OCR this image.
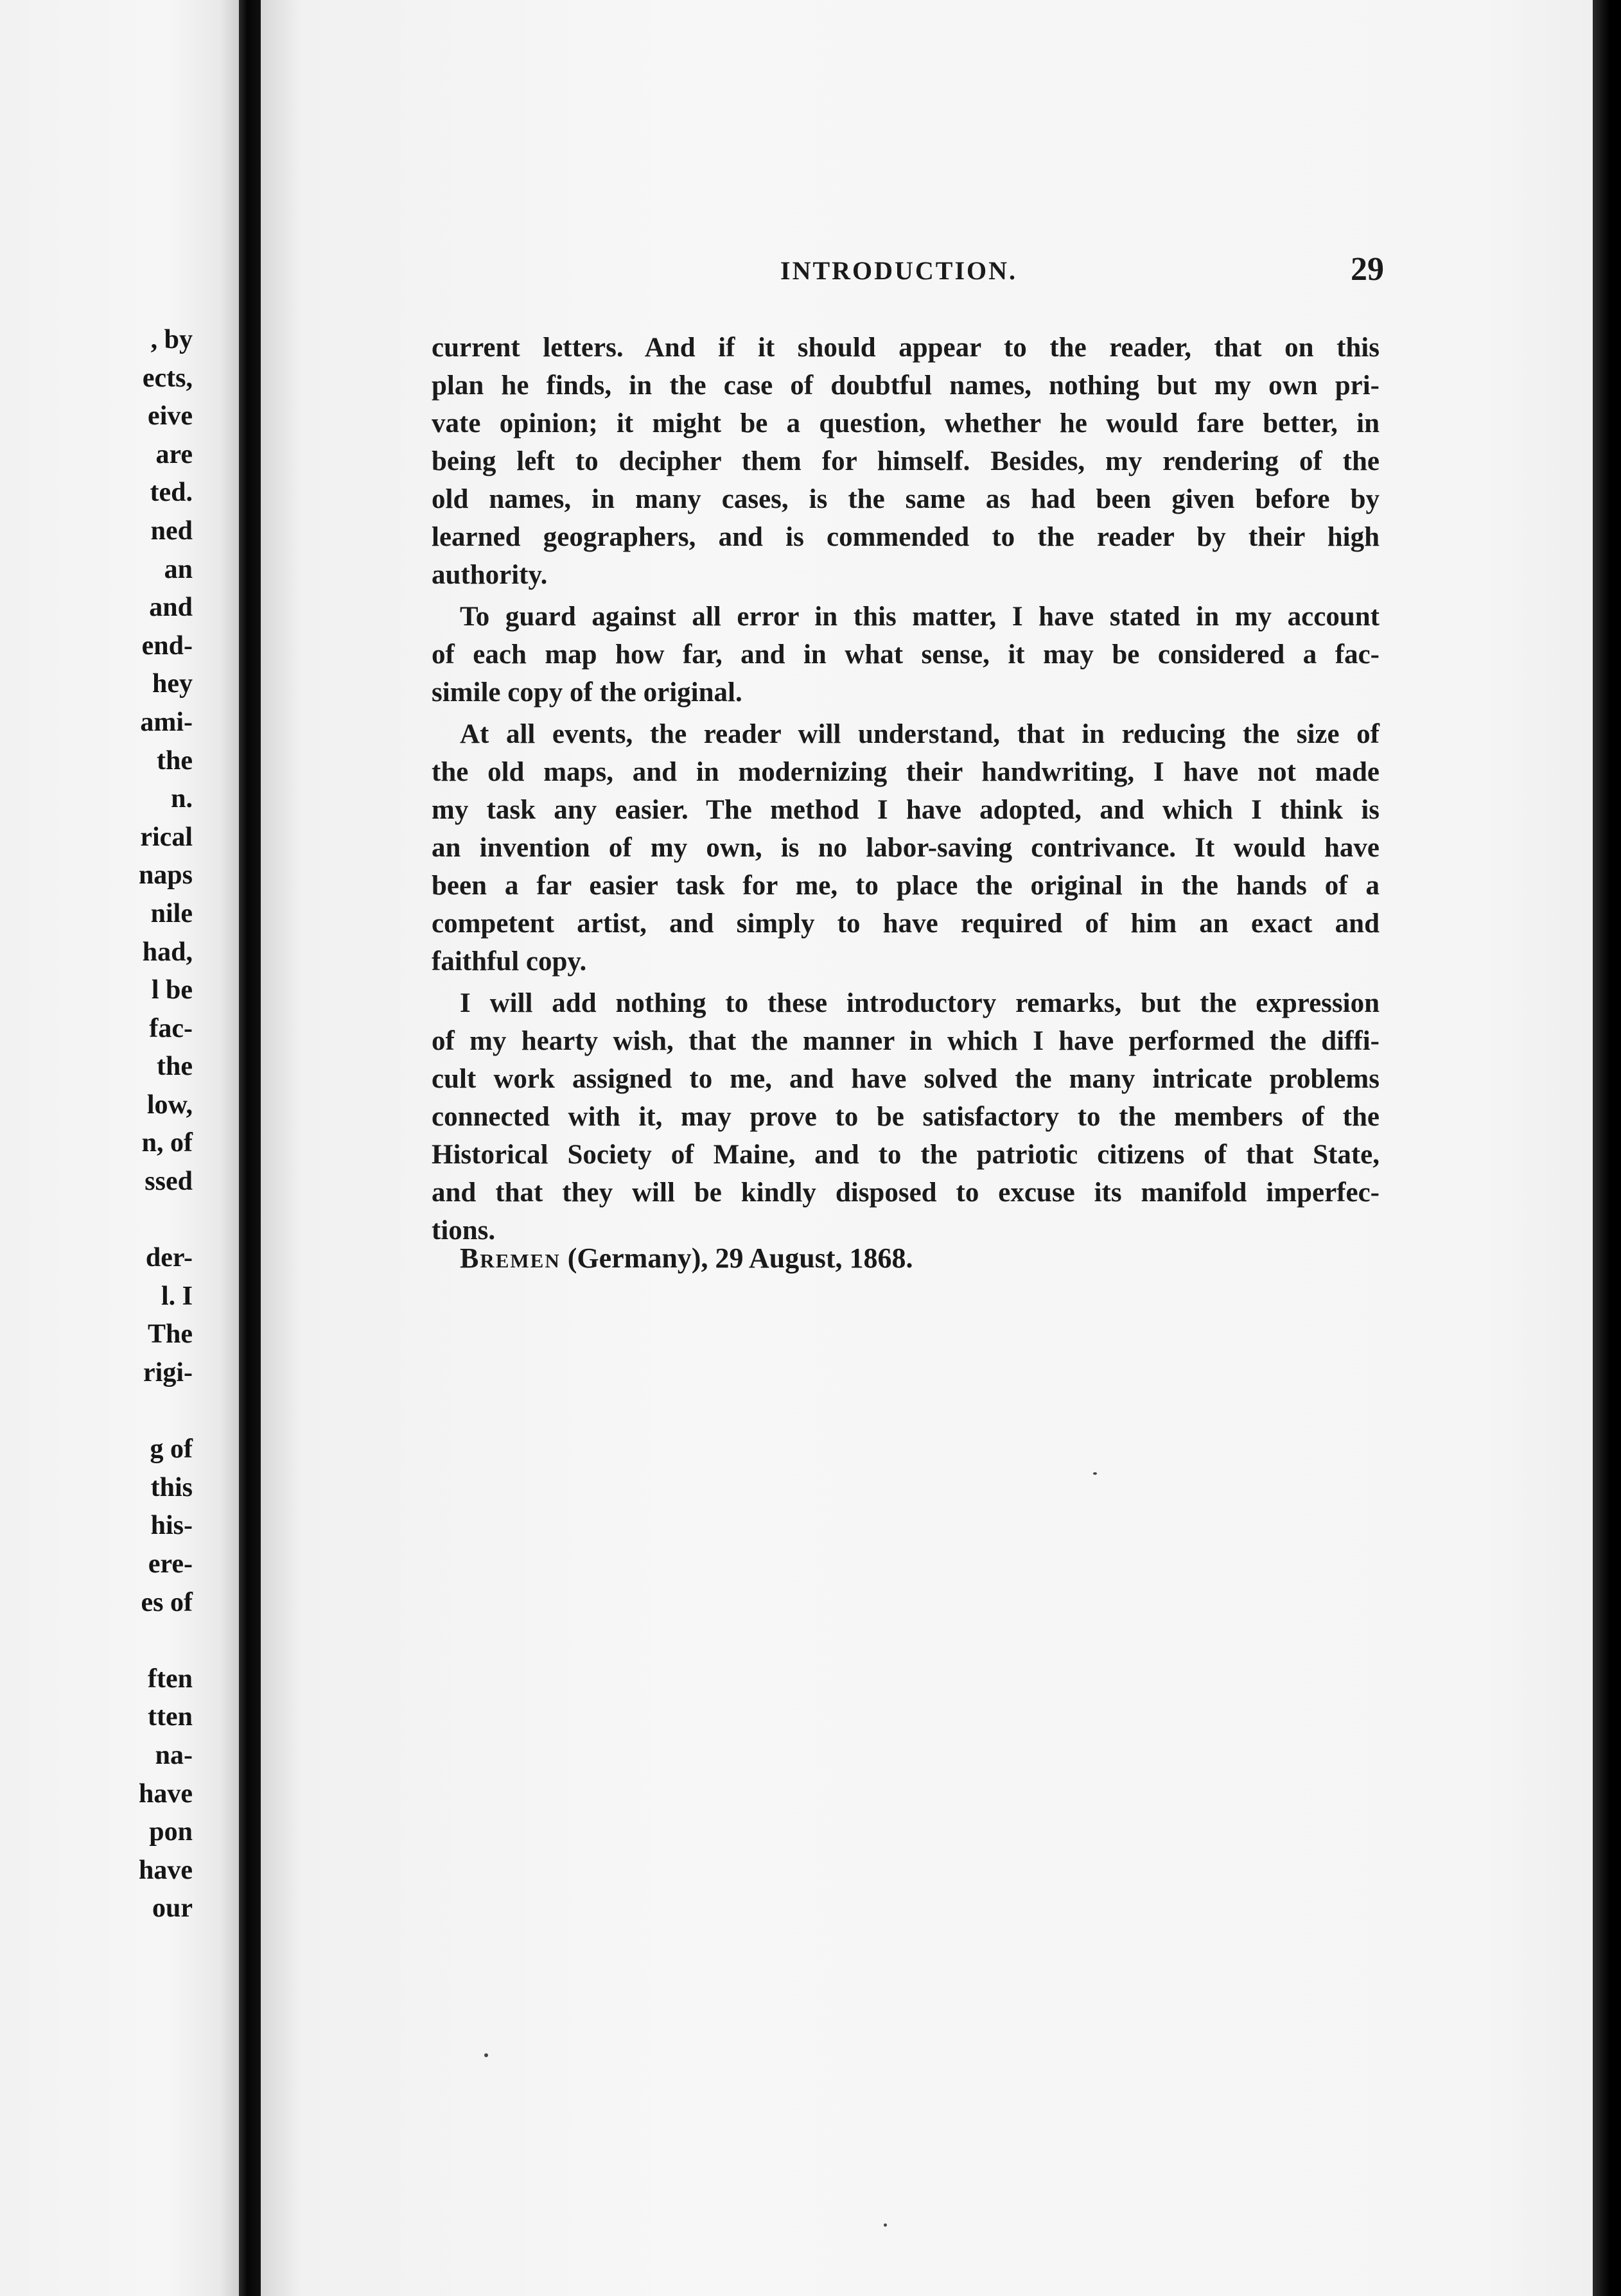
, by
ects,
eive
are
ted.
ned
an
and
end-
hey
ami-
the
n.
rical
naps
nile
had,
l be
fac-
the
low,
n, of
ssed
der-
l. I
The
rigi-
g of
this
his-
ere-
es of
ften
tten
na-
have
pon
have
our
INTRODUCTION.	29
current letters. And if it should appear to the reader, that on this
plan he finds, in the case of doubtful names, nothing but my own pri-
vate opinion; it might be a question, whether he would fare better, in
being left to decipher them for himself. Besides, my rendering of the
old names, in many cases, is the same as had been given before by
learned geographers, and is commended to the reader by their high
authority.
To guard against all error in this matter, I have stated in my account
of each map how far, and in what sense, it may be considered a fac-
simile copy of the original.
At all events, the reader will understand, that in reducing the size of
the old maps, and in modernizing their handwriting, I have not made
my task any easier. The method I have adopted, and which I think is
an invention of my own, is no labor-saving contrivance. It would have
been a far easier task for me, to place the original in the hands of a
competent artist, and simply to have required of him an exact and
faithful copy.
I will add nothing to these introductory remarks, but the expression
of my hearty wish, that the manner in which I have performed the diffi-
cult work assigned to me, and have solved the many intricate problems
connected with it, may prove to be satisfactory to the members of the
Historical Society of Maine, and to the patriotic citizens of that State,
and that they will be kindly disposed to excuse its manifold imperfec-
tions.
Bremen (Germany), 29 August, 1868.
